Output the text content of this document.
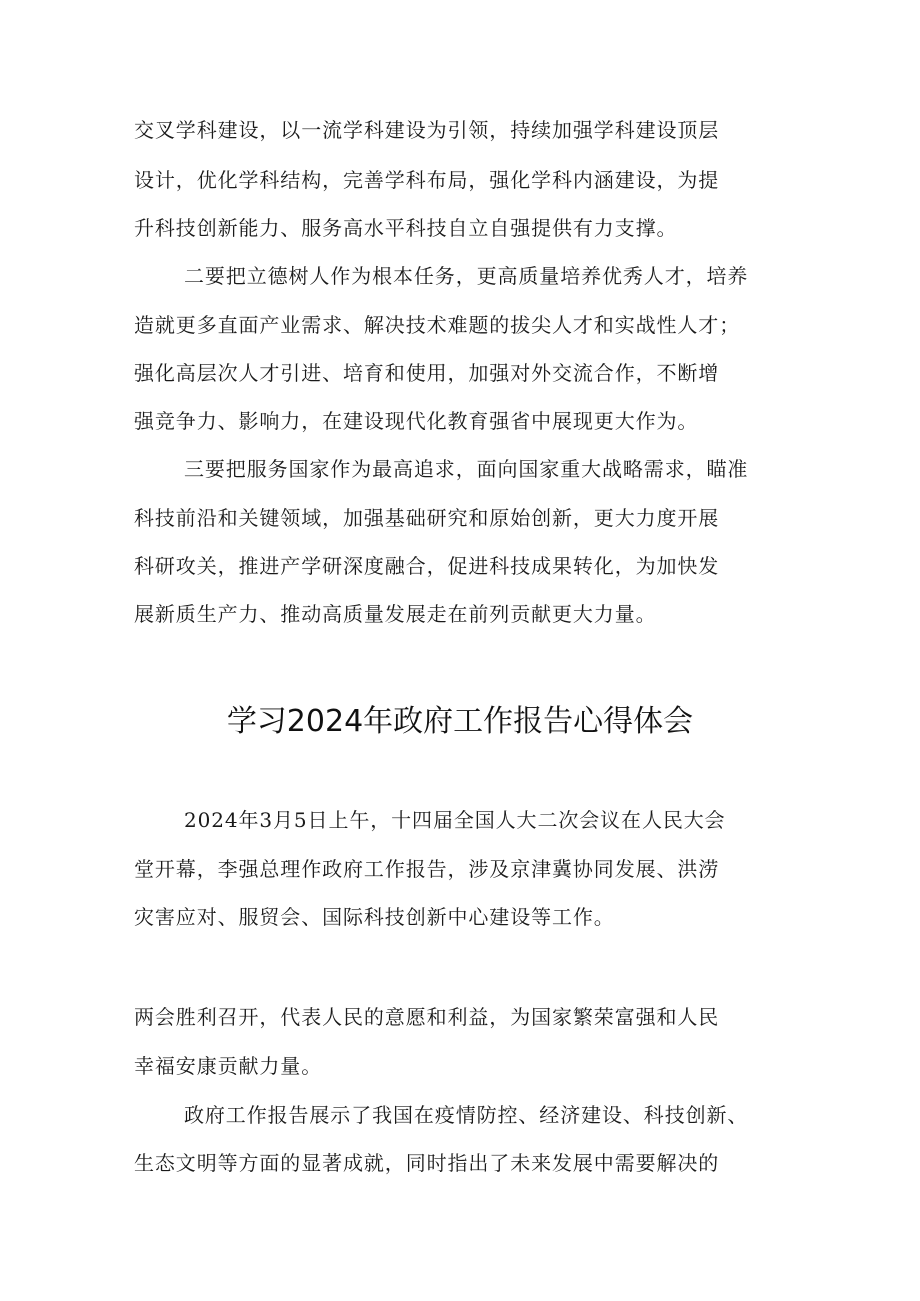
交叉学科建设，以一流学科建设为引领，持续加强学科建设顶层
设计，优化学科结构，完善学科布局，强化学科内涵建设，为提
升科技创新能力、服务高水平科技自立自强提供有力支撑。
二要把立德树人作为根本任务，更高质量培养优秀人才，培养
造就更多直面产业需求、解决技术难题的拔尖人才和实战性人才；
强化高层次人才引进、培育和使用，加强对外交流合作，不断增
强竞争力、影响力，在建设现代化教育强省中展现更大作为。
三要把服务国家作为最高追求，面向国家重大战略需求，瞄准
科技前沿和关键领域，加强基础研究和原始创新，更大力度开展
科研攻关，推进产学研深度融合，促进科技成果转化，为加快发
展新质生产力、推动高质量发展走在前列贡献更大力量。
学习2024年政府工作报告心得体会
2024年3月5日上午，十四届全国人大二次会议在人民大会
堂开幕，李强总理作政府工作报告，涉及京津冀协同发展、洪涝
灾害应对、服贸会、国际科技创新中心建设等工作。
两会胜利召开，代表人民的意愿和利益，为国家繁荣富强和人民
幸福安康贡献力量。
政府工作报告展示了我国在疫情防控、经济建设、科技创新、
生态文明等方面的显著成就，同时指出了未来发展中需要解决的
